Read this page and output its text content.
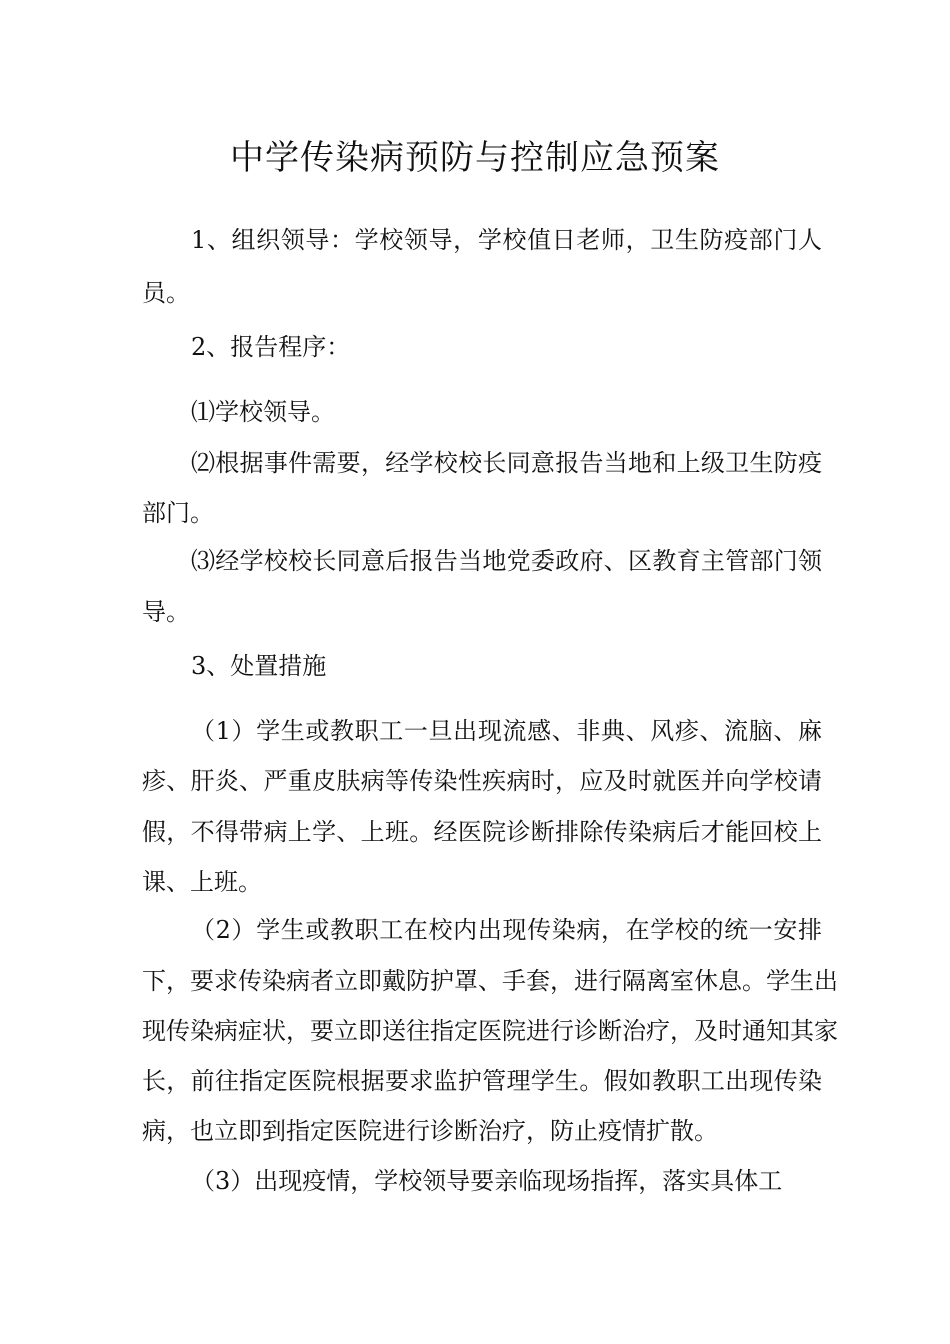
中学传染病预防与控制应急预案
1、组织领导：学校领导，学校值日老师，卫生防疫部门人
员。
2、报告程序：
⑴学校领导。
⑵根据事件需要，经学校校长同意报告当地和上级卫生防疫
部门。
⑶经学校校长同意后报告当地党委政府、区教育主管部门领
导。
3、处置措施
（1）学生或教职工一旦出现流感、非典、风疹、流脑、麻
疹、肝炎、严重皮肤病等传染性疾病时，应及时就医并向学校请
假，不得带病上学、上班。经医院诊断排除传染病后才能回校上
课、上班。
（2）学生或教职工在校内出现传染病，在学校的统一安排
下，要求传染病者立即戴防护罩、手套，进行隔离室休息。学生出
现传染病症状，要立即送往指定医院进行诊断治疗，及时通知其家
长，前往指定医院根据要求监护管理学生。假如教职工出现传染
病，也立即到指定医院进行诊断治疗，防止疫情扩散。
（3）出现疫情，学校领导要亲临现场指挥，落实具体工
